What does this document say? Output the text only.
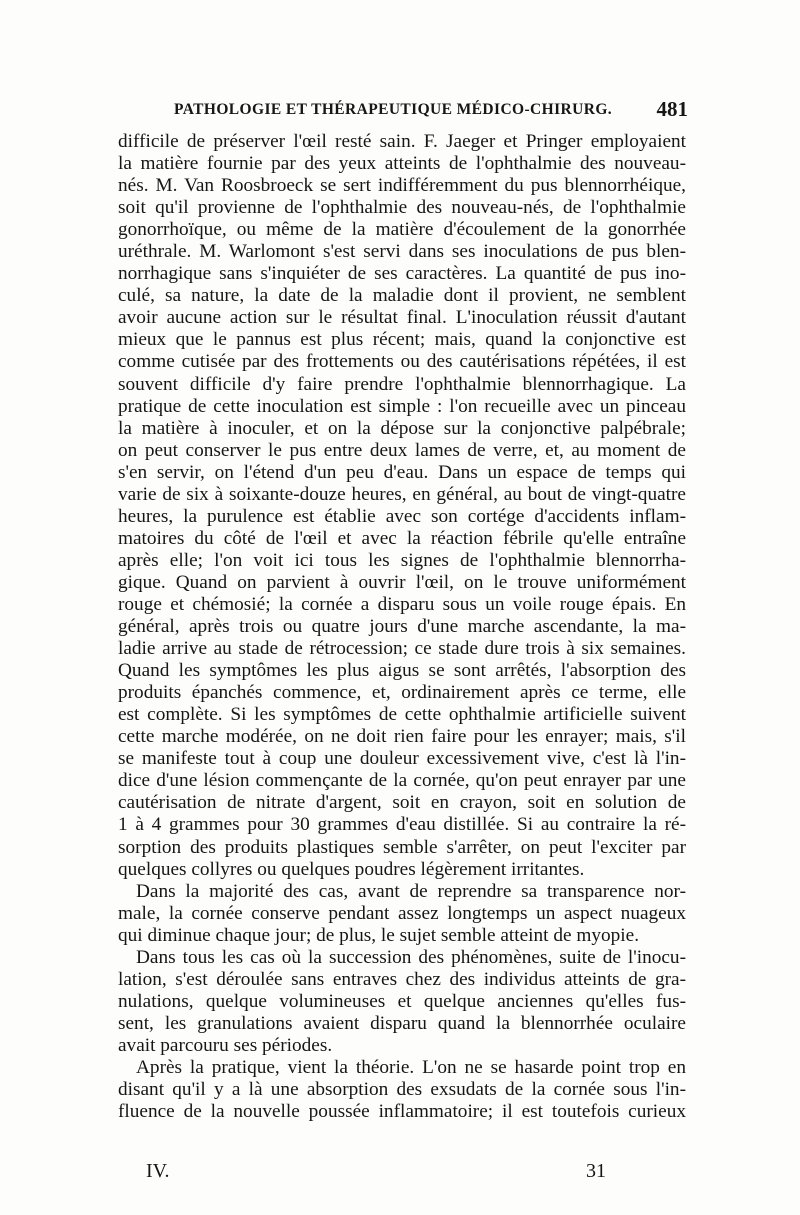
PATHOLOGIE ET THÉRAPEUTIQUE MÉDICO-CHIRURG. 481
difficile de préserver l'œil resté sain. F. Jaeger et Pringer employaient
la matière fournie par des yeux atteints de l'ophthalmie des nouveau-
nés. M. Van Roosbroeck se sert indifféremment du pus blennorrhéique,
soit qu'il provienne de l'ophthalmie des nouveau-nés, de l'ophthalmie
gonorrhoïque, ou même de la matière d'écoulement de la gonorrhée
uréthrale. M. Warlomont s'est servi dans ses inoculations de pus blen-
norrhagique sans s'inquiéter de ses caractères. La quantité de pus ino-
culé, sa nature, la date de la maladie dont il provient, ne semblent
avoir aucune action sur le résultat final. L'inoculation réussit d'autant
mieux que le pannus est plus récent; mais, quand la conjonctive est
comme cutisée par des frottements ou des cautérisations répétées, il est
souvent difficile d'y faire prendre l'ophthalmie blennorrhagique. La
pratique de cette inoculation est simple : l'on recueille avec un pinceau
la matière à inoculer, et on la dépose sur la conjonctive palpébrale;
on peut conserver le pus entre deux lames de verre, et, au moment de
s'en servir, on l'étend d'un peu d'eau. Dans un espace de temps qui
varie de six à soixante-douze heures, en général, au bout de vingt-quatre
heures, la purulence est établie avec son cortége d'accidents inflam-
matoires du côté de l'œil et avec la réaction fébrile qu'elle entraîne
après elle; l'on voit ici tous les signes de l'ophthalmie blennorrha-
gique. Quand on parvient à ouvrir l'œil, on le trouve uniformément
rouge et chémosié; la cornée a disparu sous un voile rouge épais. En
général, après trois ou quatre jours d'une marche ascendante, la ma-
ladie arrive au stade de rétrocession; ce stade dure trois à six semaines.
Quand les symptômes les plus aigus se sont arrêtés, l'absorption des
produits épanchés commence, et, ordinairement après ce terme, elle
est complète. Si les symptômes de cette ophthalmie artificielle suivent
cette marche modérée, on ne doit rien faire pour les enrayer; mais, s'il
se manifeste tout à coup une douleur excessivement vive, c'est là l'in-
dice d'une lésion commençante de la cornée, qu'on peut enrayer par une
cautérisation de nitrate d'argent, soit en crayon, soit en solution de
1 à 4 grammes pour 30 grammes d'eau distillée. Si au contraire la ré-
sorption des produits plastiques semble s'arrêter, on peut l'exciter par
quelques collyres ou quelques poudres légèrement irritantes.
Dans la majorité des cas, avant de reprendre sa transparence nor-
male, la cornée conserve pendant assez longtemps un aspect nuageux
qui diminue chaque jour; de plus, le sujet semble atteint de myopie.
Dans tous les cas où la succession des phénomènes, suite de l'inocu-
lation, s'est déroulée sans entraves chez des individus atteints de gra-
nulations, quelque volumineuses et quelque anciennes qu'elles fus-
sent, les granulations avaient disparu quand la blennorrhée oculaire
avait parcouru ses périodes.
Après la pratique, vient la théorie. L'on ne se hasarde point trop en
disant qu'il y a là une absorption des exsudats de la cornée sous l'in-
fluence de la nouvelle poussée inflammatoire; il est toutefois curieux
IV.	31
